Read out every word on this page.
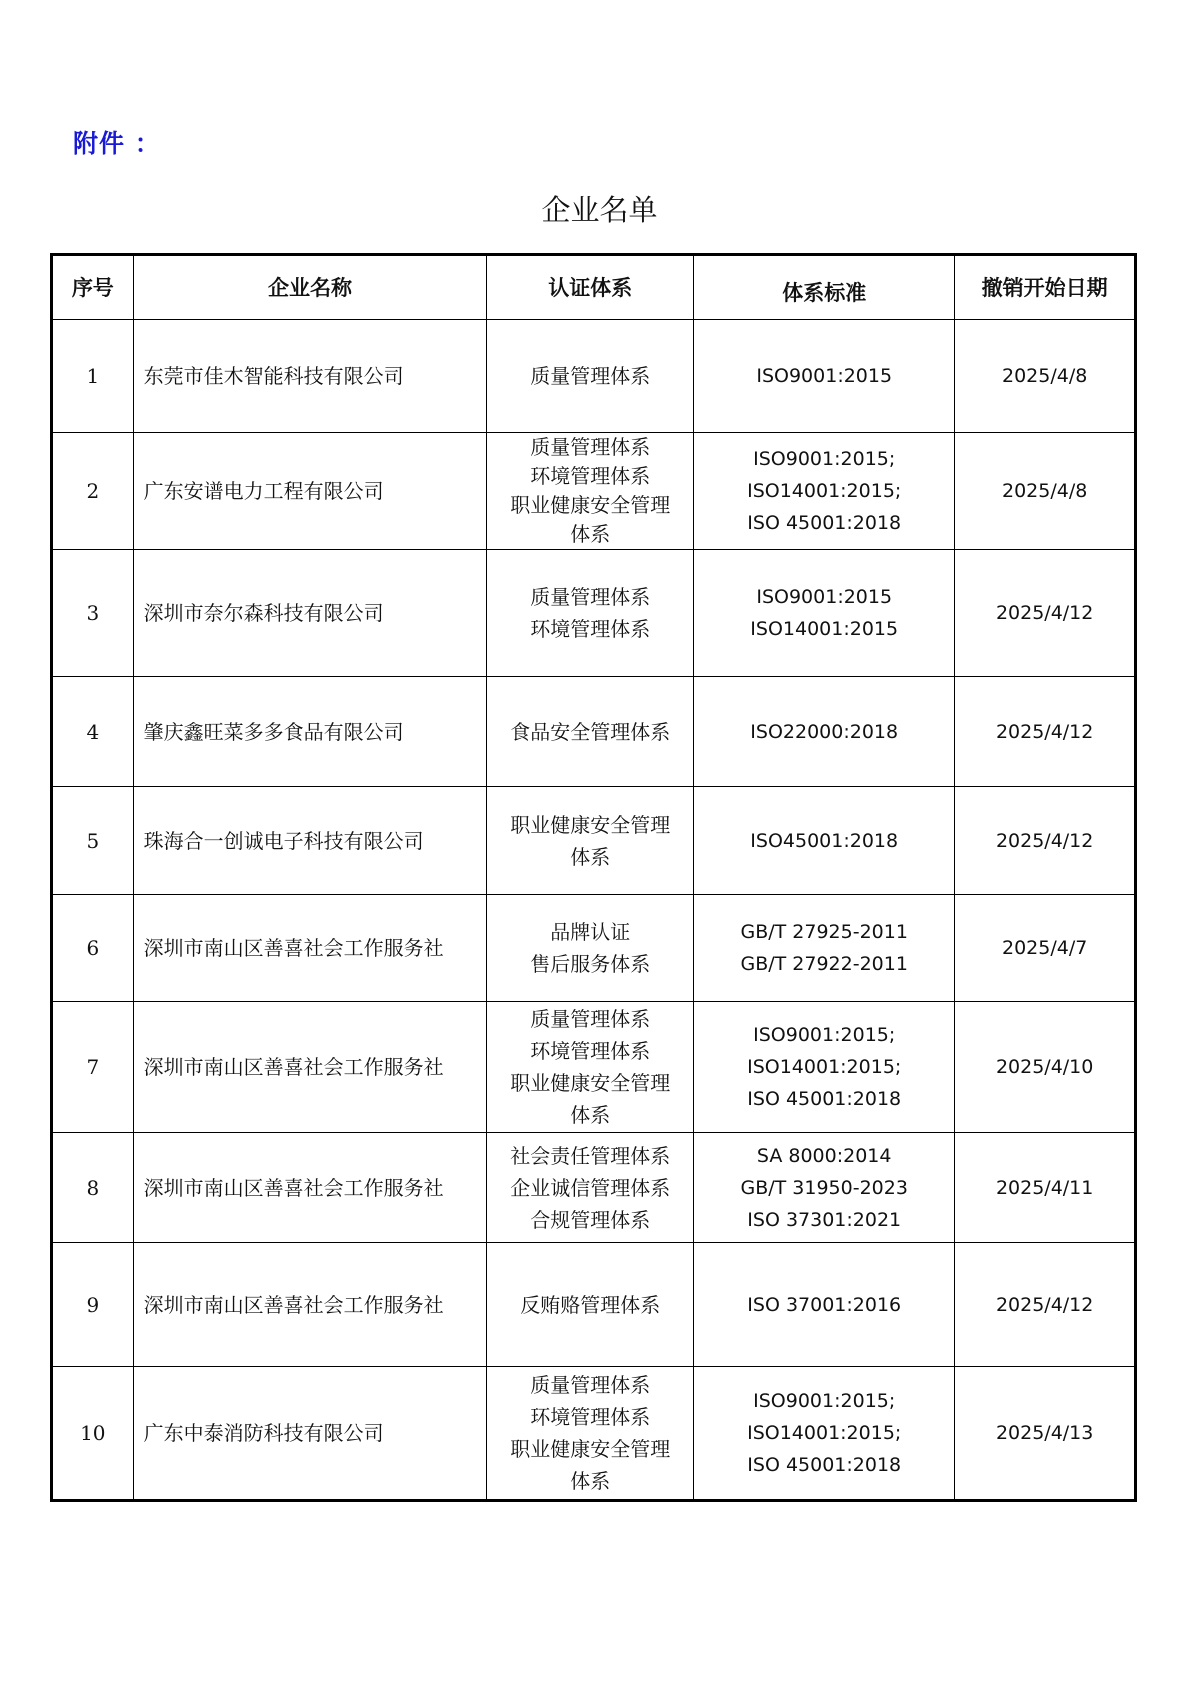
附件 ：
企业名单
序号	企业名称	认证体系	体系标准	撤销开始日期
1	东莞市佳木智能科技有限公司	质量管理体系	ISO9001:2015	2025/4/8
2	广东安谱电力工程有限公司	质量管理体系
环境管理体系
职业健康安全管理
体系	ISO9001:2015;
ISO14001:2015;
ISO 45001:2018	2025/4/8
3	深圳市奈尔森科技有限公司	质量管理体系
环境管理体系	ISO9001:2015
ISO14001:2015	2025/4/12
4	肇庆鑫旺菜多多食品有限公司	食品安全管理体系	ISO22000:2018	2025/4/12
5	珠海合一创诚电子科技有限公司	职业健康安全管理
体系	ISO45001:2018	2025/4/12
6	深圳市南山区善喜社会工作服务社	品牌认证
售后服务体系	GB/T 27925-2011
GB/T 27922-2011	2025/4/7
7	深圳市南山区善喜社会工作服务社	质量管理体系
环境管理体系
职业健康安全管理
体系	ISO9001:2015;
ISO14001:2015;
ISO 45001:2018	2025/4/10
8	深圳市南山区善喜社会工作服务社	社会责任管理体系
企业诚信管理体系
合规管理体系	SA 8000:2014
GB/T 31950-2023
ISO 37301:2021	2025/4/11
9	深圳市南山区善喜社会工作服务社	反贿赂管理体系	ISO 37001:2016	2025/4/12
10	广东中泰消防科技有限公司	质量管理体系
环境管理体系
职业健康安全管理
体系	ISO9001:2015;
ISO14001:2015;
ISO 45001:2018	2025/4/13
